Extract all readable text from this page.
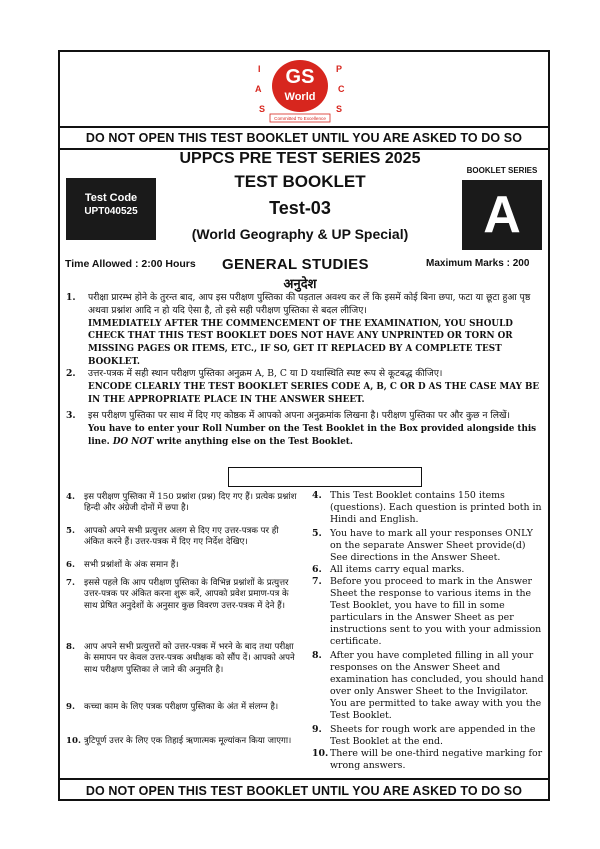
I
A
S
P
C
S
GS
World
Committed To Excellence
DO NOT OPEN THIS TEST BOOKLET UNTIL YOU ARE ASKED TO DO SO
UPPCS PRE TEST SERIES 2025
TEST BOOKLET
Test-03
(World Geography & UP Special)
Test Code
UPT040525
BOOKLET SERIES
A
Time Allowed : 2:00 Hours GENERAL STUDIES	Maximum Marks : 200
अनुदेश
1. परीक्षा प्रारम्भ होने के तुरन्त बाद, आप इस परीक्षण पुस्तिका की पड़ताल अवश्य कर लें कि इसमें कोई बिना छपा, फटा या छूटा हुआ पृष्ठ अथवा प्रश्नांश आदि न हो यदि ऐसा है, तो इसे सही परीक्षण पुस्तिका से बदल लीजिए।
IMMEDIATELY AFTER THE COMMENCEMENT OF THE EXAMINATION, YOU SHOULD CHECK THAT THIS TEST BOOKLET DOES NOT HAVE ANY UNPRINTED OR TORN OR MISSING PAGES OR ITEMS, ETC., IF SO, GET IT REPLACED BY A COMPLETE TEST BOOKLET.
2. उत्तर-पत्रक में सही स्थान परीक्षण पुस्तिका अनुक्रम A, B, C या D यथास्थिति स्पष्ट रूप से कूटबद्ध कीजिए।
ENCODE CLEARLY THE TEST BOOKLET SERIES CODE A, B, C OR D AS THE CASE MAY BE IN THE APPROPRIATE PLACE IN THE ANSWER SHEET.
3. इस परीक्षण पुस्तिका पर साथ में दिए गए कोष्ठक में आपको अपना अनुक्रमांक लिखना है। परीक्षण पुस्तिका पर और कुछ न लिखें।
You have to enter your Roll Number on the Test Booklet in the Box provided alongside this line. DO NOT write anything else on the Test Booklet.
4. इस परीक्षण पुस्तिका में 150 प्रश्नांश (प्रश्न) दिए गए हैं। प्रत्येक प्रश्नांश हिन्दी और अंग्रेजी दोनों में छपा है।
5. आपको अपने सभी प्रत्युत्तर अलग से दिए गए उत्तर-पत्रक पर ही अंकित करने हैं। उत्तर-पत्रक में दिए गए निर्देश देखिए।
6. सभी प्रश्नांशों के अंक समान हैं।
7. इससे पहले कि आप परीक्षण पुस्तिका के विभिन्न प्रश्नांशों के प्रत्युत्तर उत्तर-पत्रक पर अंकित करना शुरू करें, आपको प्रवेश प्रमाण-पत्र के साथ प्रेषित अनुदेशों के अनुसार कुछ विवरण उत्तर-पत्रक में देने हैं।
8. आप अपने सभी प्रत्युत्तरों को उत्तर-पत्रक में भरने के बाद तथा परीक्षा के समापन पर केवल उत्तर-पत्रक अधीक्षक को सौंप दें। आपको अपने साथ परीक्षण पुस्तिका ले जाने की अनुमति है।
9. कच्चा काम के लिए पत्रक परीक्षण पुस्तिका के अंत में संलग्न है।
10. त्रुटिपूर्ण उत्तर के लिए एक तिहाई ऋणात्मक मूल्यांकन किया जाएगा।
4. This Test Booklet contains 150 items (questions). Each question is printed both in Hindi and English.
5. You have to mark all your responses ONLY on the separate Answer Sheet provide(d) See directions in the Answer Sheet.
6. All items carry equal marks.
7. Before you proceed to mark in the Answer Sheet the response to various items in the Test Booklet, you have to fill in some particulars in the Answer Sheet as per instructions sent to you with your admission certificate.
8. After you have completed filling in all your responses on the Answer Sheet and examination has concluded, you should hand over only Answer Sheet to the Invigilator. You are permitted to take away with you the Test Booklet.
9. Sheets for rough work are appended in the Test Booklet at the end.
10. There will be one-third negative marking for wrong answers.
DO NOT OPEN THIS TEST BOOKLET UNTIL YOU ARE ASKED TO DO SO
